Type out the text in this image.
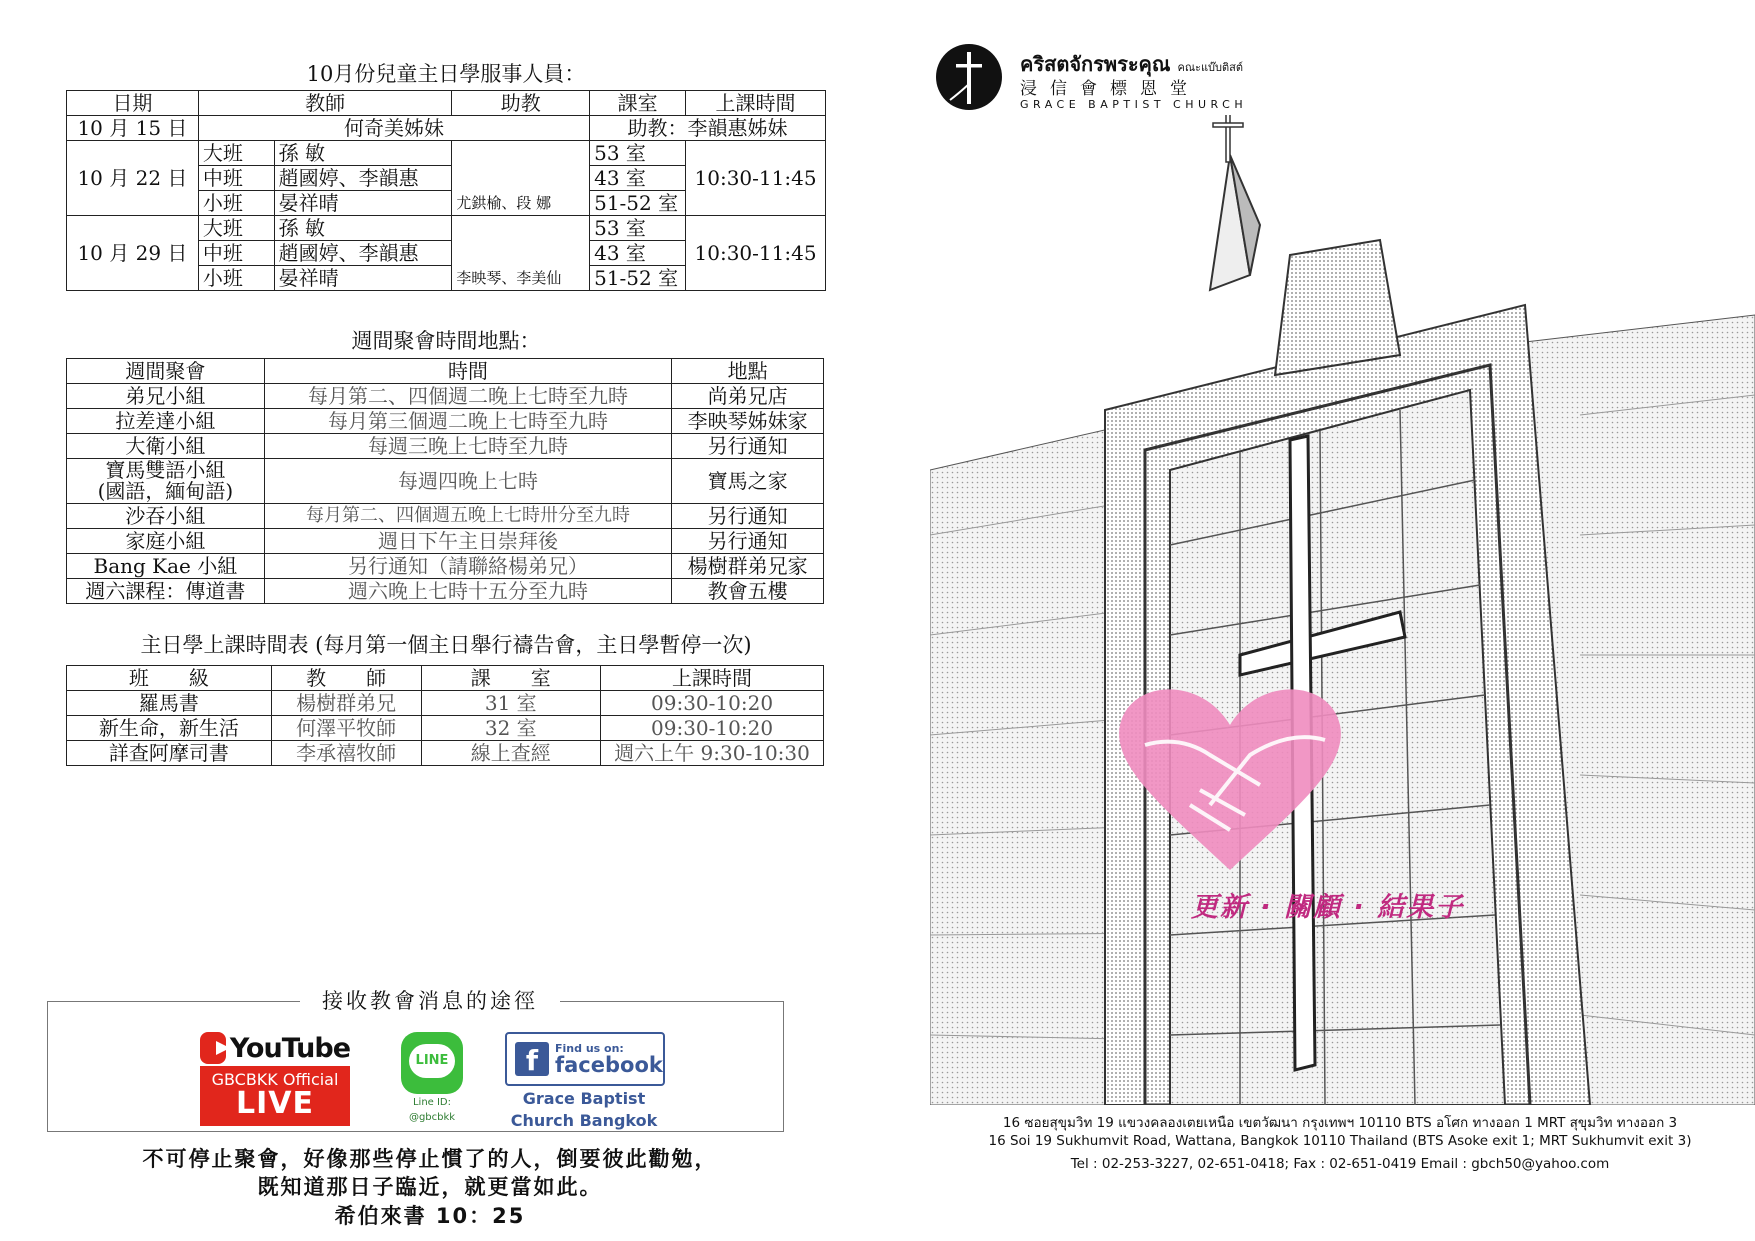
10月份兒童主日學服事人員：
日期	教師		助教	課室	上課時間
10 月 15 日	何奇美姊妹			助教：李韻惠姊妹	
10 月 22 日	大班	孫 敏	尤鉷榆、段 娜	53 室	10:30-11:45
	中班	趙國婷、李韻惠		43 室	
	小班	晏祥晴		51-52 室	
10 月 29 日	大班	孫 敏	李映琴、李美仙	53 室	10:30-11:45
	中班	趙國婷、李韻惠		43 室	
	小班	晏祥晴		51-52 室	
週間聚會時間地點：
週間聚會	時間	地點
弟兄小組	每月第二、四個週二晚上七時至九時	尚弟兄店
拉差達小組	每月第三個週二晚上七時至九時	李映琴姊妹家
大衛小組	每週三晚上七時至九時	另行通知

寶馬雙語小組
(國語，緬甸語)	每週四晚上七時	寶馬之家
沙吞小組	每月第二、四個週五晚上七時卅分至九時	另行通知
家庭小組	週日下午主日崇拜後	另行通知
Bang Kae 小組	另行通知（請聯絡楊弟兄）	楊樹群弟兄家
週六課程：傳道書	週六晚上七時十五分至九時	教會五樓
主日學上課時間表 (每月第一個主日舉行禱告會，主日學暫停一次)
班　　級	教　　師	課　　室	上課時間
羅馬書	楊樹群弟兄	31 室	09:30-10:20
新生命，新生活	何澤平牧師	32 室	09:30-10:20
詳查阿摩司書	李承禧牧師	線上查經	週六上午 9:30-10:30
接收教會消息的途徑
YouTube
GBCBKK Official
LIVE
LINE
Line ID:
@gbcbkk
f	Find us on:
facebook
Grace Baptist
Church Bangkok
不可停止聚會，好像那些停止慣了的人，倒要彼此勸勉，
既知道那日子臨近，就更當如此。
希伯來書 10：25
คริสตจักรพระคุณ คณะแบ๊บติสต์
浸信會標恩堂
GRACE BAPTIST CHURCH
更新 · 關顧 · 結果子
16 ซอยสุขุมวิท 19 แขวงคลองเตยเหนือ เขตวัฒนา กรุงเทพฯ 10110 BTS อโศก ทางออก 1 MRT สุขุมวิท ทางออก 3
16 Soi 19 Sukhumvit Road, Wattana, Bangkok 10110 Thailand (BTS Asoke exit 1; MRT Sukhumvit exit 3)
Tel : 02-253-3227, 02-651-0418; Fax : 02-651-0419 Email : gbch50@yahoo.com
